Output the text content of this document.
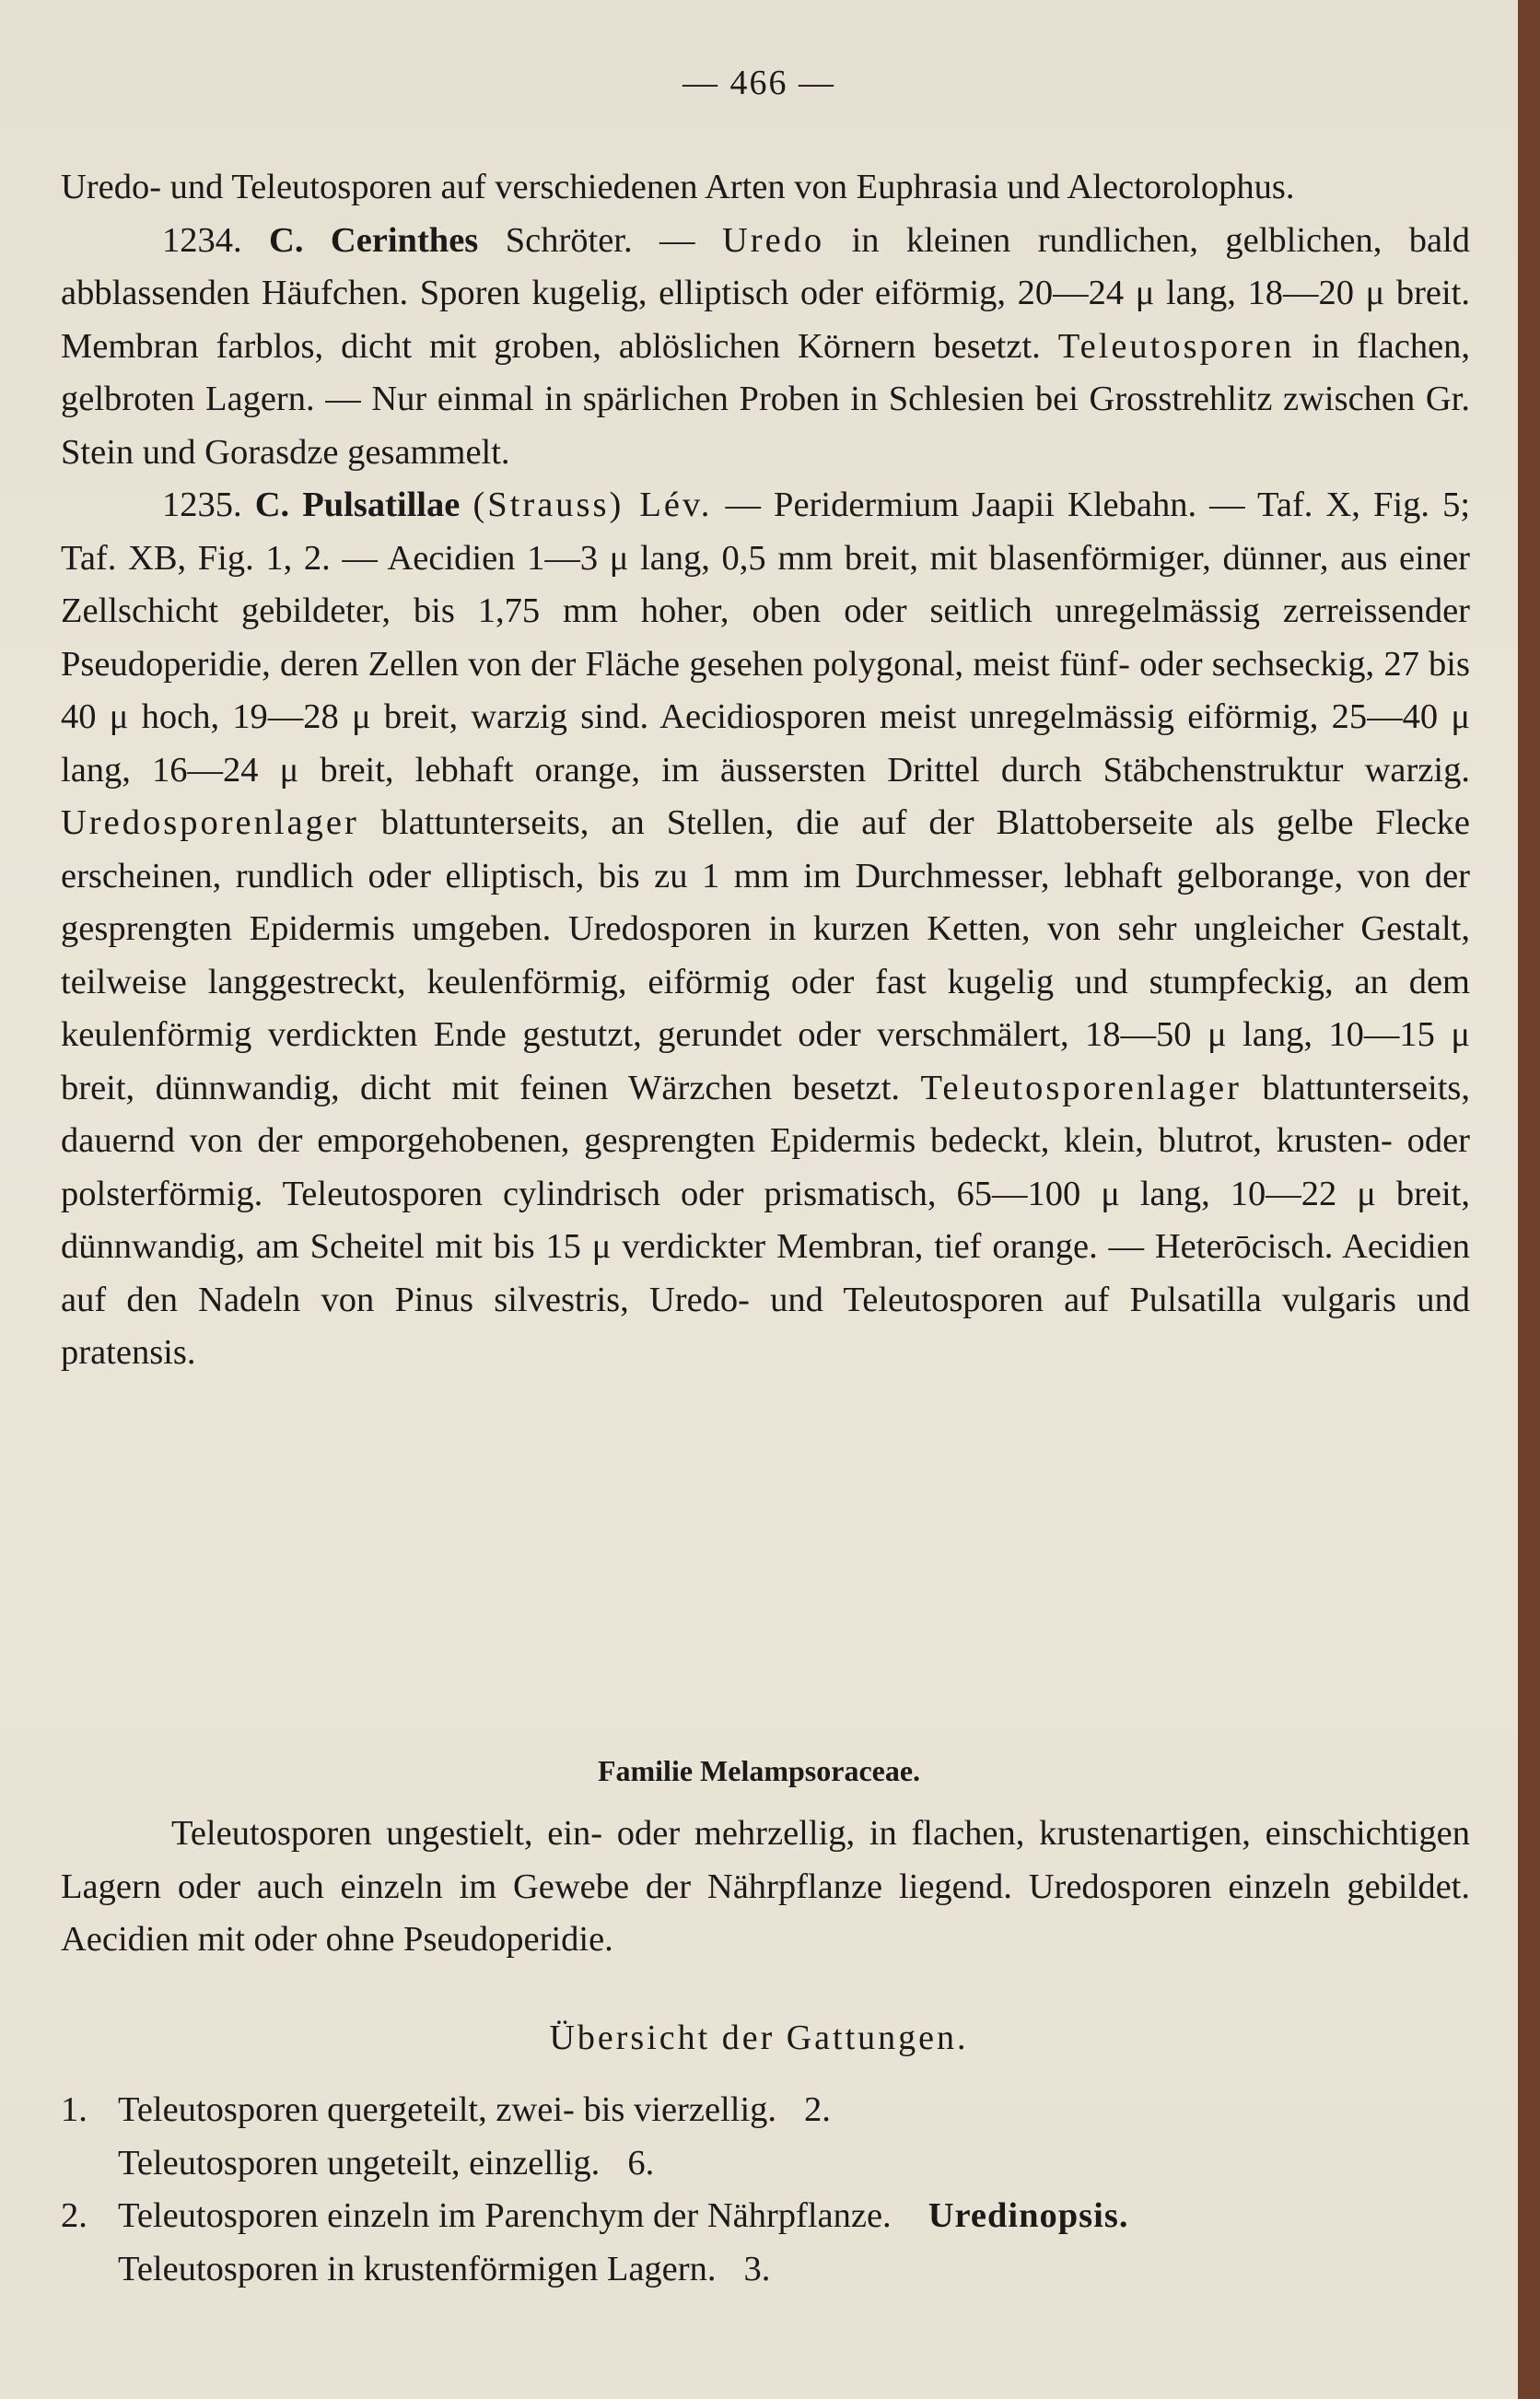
— 466 —

Uredo- und Teleutosporen auf verschiedenen Arten von Euphrasia und Alectorolophus.

1234. C. Cerinthes Schröter. — Uredo in kleinen rundlichen, gelblichen, bald abblassenden Häufchen. Sporen kugelig, elliptisch oder eiförmig, 20—24 μ lang, 18—20 μ breit. Membran farblos, dicht mit groben, ablöslichen Körnern besetzt. Teleutosporen in flachen, gelbroten Lagern. — Nur einmal in spärlichen Proben in Schlesien bei Grosstrehlitz zwischen Gr. Stein und Gorasdze gesammelt.

1235. C. Pulsatillae (Strauss) Lév. — Peridermium Jaapii Klebahn. — Taf. X, Fig. 5; Taf. XB, Fig. 1, 2. — Aecidien 1—3 μ lang, 0,5 mm breit, mit blasenförmiger, dünner, aus einer Zellschicht gebildeter, bis 1,75 mm hoher, oben oder seitlich unregelmässig zerreissender Pseudoperidie, deren Zellen von der Fläche gesehen polygonal, meist fünf- oder sechseckig, 27 bis 40 μ hoch, 19—28 μ breit, warzig sind. Aecidiosporen meist unregelmässig eiförmig, 25—40 μ lang, 16—24 μ breit, lebhaft orange, im äussersten Drittel durch Stäbchenstruktur warzig. Uredosporenlager blattunterseits, an Stellen, die auf der Blattoberseite als gelbe Flecke erscheinen, rundlich oder elliptisch, bis zu 1 mm im Durchmesser, lebhaft gelborange, von der gesprengten Epidermis umgeben. Uredosporen in kurzen Ketten, von sehr ungleicher Gestalt, teilweise langgestreckt, keulenförmig, eiförmig oder fast kugelig und stumpfeckig, an dem keulenförmig verdickten Ende gestutzt, gerundet oder verschmälert, 18—50 μ lang, 10—15 μ breit, dünnwandig, dicht mit feinen Wärzchen besetzt. Teleutosporenlager blattunterseits, dauernd von der emporgehobenen, gesprengten Epidermis bedeckt, klein, blutrot, krusten- oder polsterförmig. Teleutosporen cylindrisch oder prismatisch, 65—100 μ lang, 10—22 μ breit, dünnwandig, am Scheitel mit bis 15 μ verdickter Membran, tief orange. — Heterōcisch. Aecidien auf den Nadeln von Pinus silvestris, Uredo- und Teleutosporen auf Pulsatilla vulgaris und pratensis.

Familie Melampsoraceae.

Teleutosporen ungestielt, ein- oder mehrzellig, in flachen, krustenartigen, einschichtigen Lagern oder auch einzeln im Gewebe der Nährpflanze liegend. Uredosporen einzeln gebildet. Aecidien mit oder ohne Pseudoperidie.

Übersicht der Gattungen.
1. Teleutosporen quergeteilt, zwei- bis vierzellig. 2.
Teleutosporen ungeteilt, einzellig. 6.
2. Teleutosporen einzeln im Parenchym der Nährpflanze. Uredinopsis.
Teleutosporen in krustenförmigen Lagern. 3.
